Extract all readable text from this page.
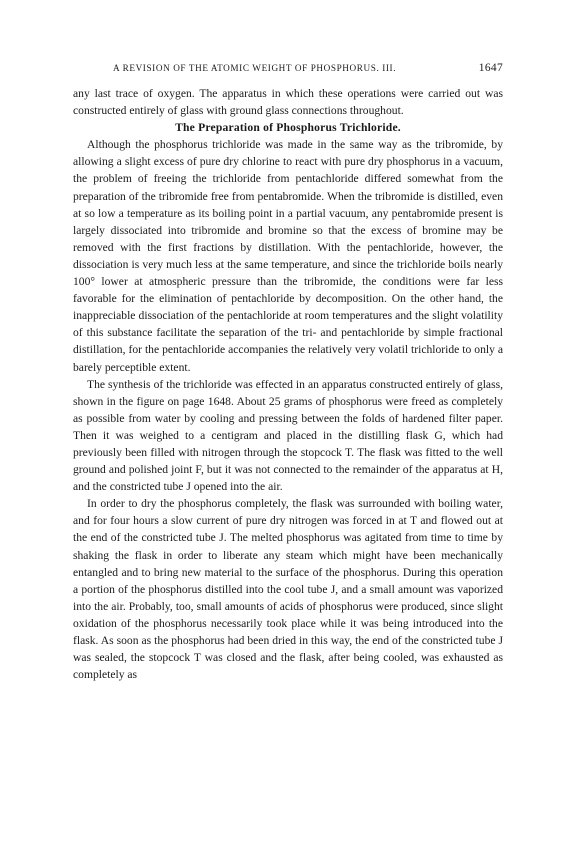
A REVISION OF THE ATOMIC WEIGHT OF PHOSPHORUS. III.	1647

any last trace of oxygen. The apparatus in which these operations were carried out was constructed entirely of glass with ground glass connections throughout.

The Preparation of Phosphorus Trichloride.

Although the phosphorus trichloride was made in the same way as the tribromide, by allowing a slight excess of pure dry chlorine to react with pure dry phosphorus in a vacuum, the problem of freeing the trichloride from pentachloride differed somewhat from the preparation of the tribromide free from pentabromide. When the tribromide is distilled, even at so low a temperature as its boiling point in a partial vacuum, any pentabromide present is largely dissociated into tribromide and bromine so that the excess of bromine may be removed with the first fractions by distillation. With the pentachloride, however, the dissociation is very much less at the same temperature, and since the trichloride boils nearly 100° lower at atmospheric pressure than the tribromide, the conditions were far less favorable for the elimination of pentachloride by decomposition. On the other hand, the inappreciable dissociation of the pentachloride at room temperatures and the slight volatility of this substance facilitate the separation of the tri- and pentachloride by simple fractional distillation, for the pentachloride accompanies the relatively very volatil trichloride to only a barely perceptible extent.

The synthesis of the trichloride was effected in an apparatus constructed entirely of glass, shown in the figure on page 1648. About 25 grams of phosphorus were freed as completely as possible from water by cooling and pressing between the folds of hardened filter paper. Then it was weighed to a centigram and placed in the distilling flask G, which had previously been filled with nitrogen through the stopcock T. The flask was fitted to the well ground and polished joint F, but it was not connected to the remainder of the apparatus at H, and the constricted tube J opened into the air.

In order to dry the phosphorus completely, the flask was surrounded with boiling water, and for four hours a slow current of pure dry nitrogen was forced in at T and flowed out at the end of the constricted tube J. The melted phosphorus was agitated from time to time by shaking the flask in order to liberate any steam which might have been mechanically entangled and to bring new material to the surface of the phosphorus. During this operation a portion of the phosphorus distilled into the cool tube J, and a small amount was vaporized into the air. Probably, too, small amounts of acids of phosphorus were produced, since slight oxidation of the phosphorus necessarily took place while it was being introduced into the flask. As soon as the phosphorus had been dried in this way, the end of the constricted tube J was sealed, the stopcock T was closed and the flask, after being cooled, was exhausted as completely as
